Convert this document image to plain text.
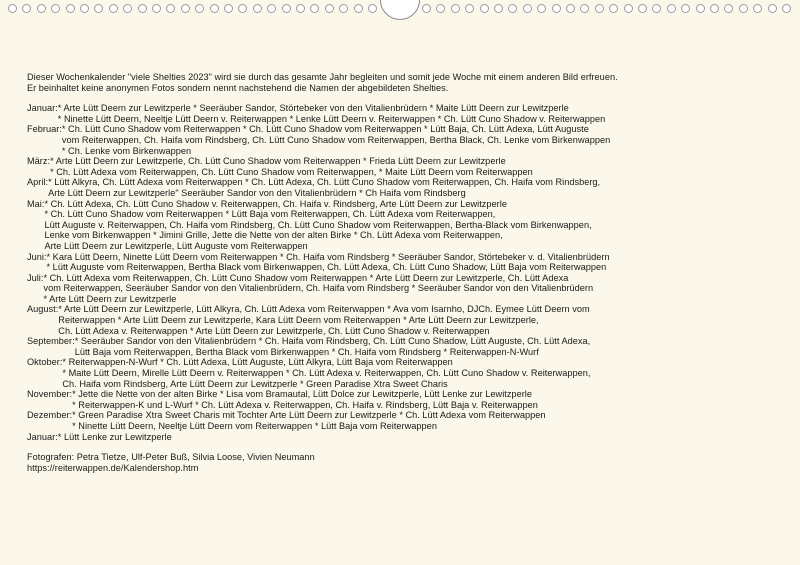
Dieser Wochenkalender "viele Shelties 2023" wird sie durch das gesamte Jahr begleiten und somit jede Woche mit einem anderen Bild erfreuen.

Er beinhaltet keine anonymen Fotos sondern nennt nachstehend die Namen der abgebildeten Shelties.

Januar: * Arte Lütt Deern zur Lewitzperle * Seeräuber Sandor, Störtebeker von den Vitalienbrüdern * Maite Lütt Deern zur Lewitzperle
* Ninette Lütt Deern, Neeltje Lütt Deern v. Reiterwappen * Lenke Lütt Deern v. Reiterwappen * Ch. Lütt Cuno Shadow v. Reiterwappen
Februar: * Ch. Lütt Cuno Shadow vom Reiterwappen * Ch. Lütt Cuno Shadow vom Reiterwappen * Lütt Baja, Ch. Lütt Adexa, Lütt Auguste
vom Reiterwappen, Ch. Haifa vom Rindsberg, Ch. Lütt Cuno Shadow vom Reiterwappen, Bertha Black, Ch. Lenke vom Birkenwappen
* Ch. Lenke vom Birkenwappen
März: * Arte Lütt Deern zur Lewitzperle, Ch. Lütt Cuno Shadow vom Reiterwappen * Frieda Lütt Deern zur Lewitzperle
* Ch. Lütt Adexa vom Reiterwappen, Ch. Lütt Cuno Shadow vom Reiterwappen, * Maite Lütt Deern vom Reiterwappen
April: * Lütt Alkyra, Ch. Lütt Adexa vom Reiterwappen * Ch. Lütt Adexa, Ch. Lütt Cuno Shadow vom Reiterwappen, Ch. Haifa vom Rindsberg,
Arte Lütt Deern zur Lewitzperle" Seeräuber Sandor von den Vitalienbrüdern * Ch Haifa vom Rindsberg
Mai: * Ch. Lütt Adexa, Ch. Lütt Cuno Shadow v. Reiterwappen, Ch. Haifa v. Rindsberg, Arte Lütt Deern zur Lewitzperle
* Ch. Lütt Cuno Shadow vom Reiterwappen * Lütt Baja vom Reiterwappen, Ch. Lütt Adexa vom Reiterwappen,
Lütt Auguste v. Reiterwappen, Ch. Haifa vom Rindsberg, Ch. Lütt Cuno Shadow vom Reiterwappen, Bertha-Black vom Birkenwappen,
Lenke vom Birkenwappen * Jimini Grille, Jette die Nette von der alten Birke * Ch. Lütt Adexa vom Reiterwappen,
Arte Lütt Deern zur Lewitzperle, Lütt Auguste vom Reiterwappen
Juni: * Kara Lütt Deern, Ninette Lütt Deern vom Reiterwappen * Ch. Haifa vom Rindsberg * Seeräuber Sandor, Störtebeker v. d. Vitalienbrüdern
* Lütt Auguste vom Reiterwappen, Bertha Black vom Birkenwappen, Ch. Lütt Adexa, Ch. Lütt Cuno Shadow, Lütt Baja vom Reiterwappen
Juli: * Ch. Lütt Adexa vom Reiterwappen, Ch. Lütt Cuno Shadow vom Reiterwappen * Arte Lütt Deern zur Lewitzperle, Ch. Lütt Adexa
vom Reiterwappen, Seeräuber Sandor von den Vitalienbrüdern, Ch. Haifa vom Rindsberg * Seeräuber Sandor von den Vitalienbrüdern
* Arte Lütt Deern zur Lewitzperle
August: * Arte Lütt Deern zur Lewitzperle, Lütt Alkyra, Ch. Lütt Adexa vom Reiterwappen * Ava vom Isarnho, DJCh. Eymee Lütt Deern vom
Reiterwappen * Arte Lütt Deern zur Lewitzperle, Kara Lütt Deern vom Reiterwappen * Arte Lütt Deern zur Lewitzperle,
Ch. Lütt Adexa v. Reiterwappen * Arte Lütt Deern zur Lewitzperle, Ch. Lütt Cuno Shadow v. Reiterwappen
September: * Seeräuber Sandor von den Vitalienbrüdern * Ch. Haifa vom Rindsberg, Ch. Lütt Cuno Shadow, Lütt Auguste, Ch. Lütt Adexa,
Lütt Baja vom Reiterwappen, Bertha Black vom Birkenwappen * Ch. Haifa vom Rindsberg * Reiterwappen-N-Wurf
Oktober: * Reiterwappen-N-Wurf * Ch. Lütt Adexa, Lütt Auguste, Lütt Alkyra, Lütt Baja vom Reiterwappen
* Maite Lütt Deern, Mirelle Lütt Deern v. Reiterwappen * Ch. Lütt Adexa v. Reiterwappen, Ch. Lütt Cuno Shadow v. Reiterwappen,
Ch. Haifa vom Rindsberg, Arte Lütt Deern zur Lewitzperle * Green Paradise Xtra Sweet Charis
November: * Jette die Nette von der alten Birke * Lisa vom Bramautal, Lütt Dolce zur Lewitzperle, Lütt Lenke zur Lewitzperle
* Reiterwappen-K und L-Wurf * Ch. Lütt Adexa v. Reiterwappen, Ch. Haifa v. Rindsberg, Lütt Baja v. Reiterwappen
Dezember: * Green Paradise Xtra Sweet Charis mit Tochter Arte Lütt Deern zur Lewitzperle * Ch. Lütt Adexa vom Reiterwappen
* Ninette Lütt Deern, Neeltje Lütt Deern vom Reiterwappen * Lütt Baja vom Reiterwappen
Januar: * Lütt Lenke zur Lewitzperle
Fotografen: Petra Tietze, Ulf-Peter Buß, Silvia Loose, Vivien Neumann
https://reiterwappen.de/Kalendershop.htm
